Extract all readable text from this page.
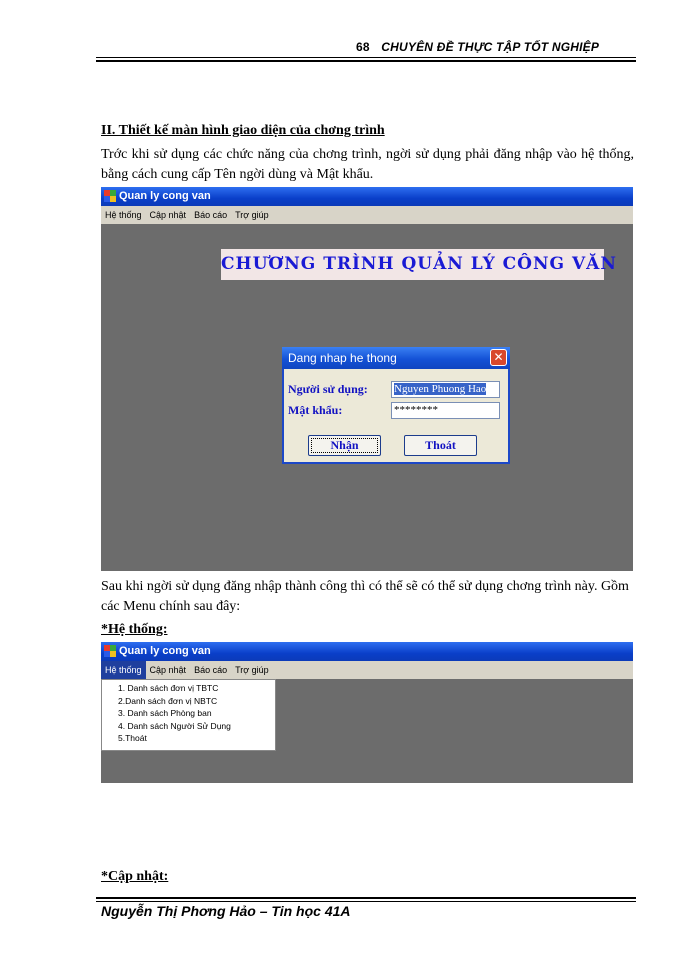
68 CHUYÊN ĐỀ THỰC TẬP TỐT NGHIỆP
II. Thiết kế màn hình giao diện của chơng trình
Trớc khi sử dụng các chức năng của chơng trình, ngời sử dụng phải đăng nhập vào hệ thống, bằng cách cung cấp Tên ngời dùng và Mật khẩu.
Quan ly cong van
Hệ thống Cập nhật Báo cáo Trợ giúp
CHƯƠNG TRÌNH QUẢN LÝ CÔNG VĂN
Dang nhap he thong	✕
Người sử dụng: Nguyen Phuong Hao
Mật khẩu:	********
Nhận	Thoát
Sau khi ngời sử dụng đăng nhập thành công thì có thể sẽ có thể sử dụng chơng trình này. Gồm các Menu chính sau đây:
*Hệ thống:
Quan ly cong van
Hệ thống Cập nhật Báo cáo Trợ giúp
1. Danh sách đơn vị TBTC
2.Danh sách đơn vị NBTC
3. Danh sách Phòng ban
4. Danh sách Người Sử Dụng
5.Thoát
*Cập nhật:
Nguyễn Thị Phơng Hảo – Tin học 41A
